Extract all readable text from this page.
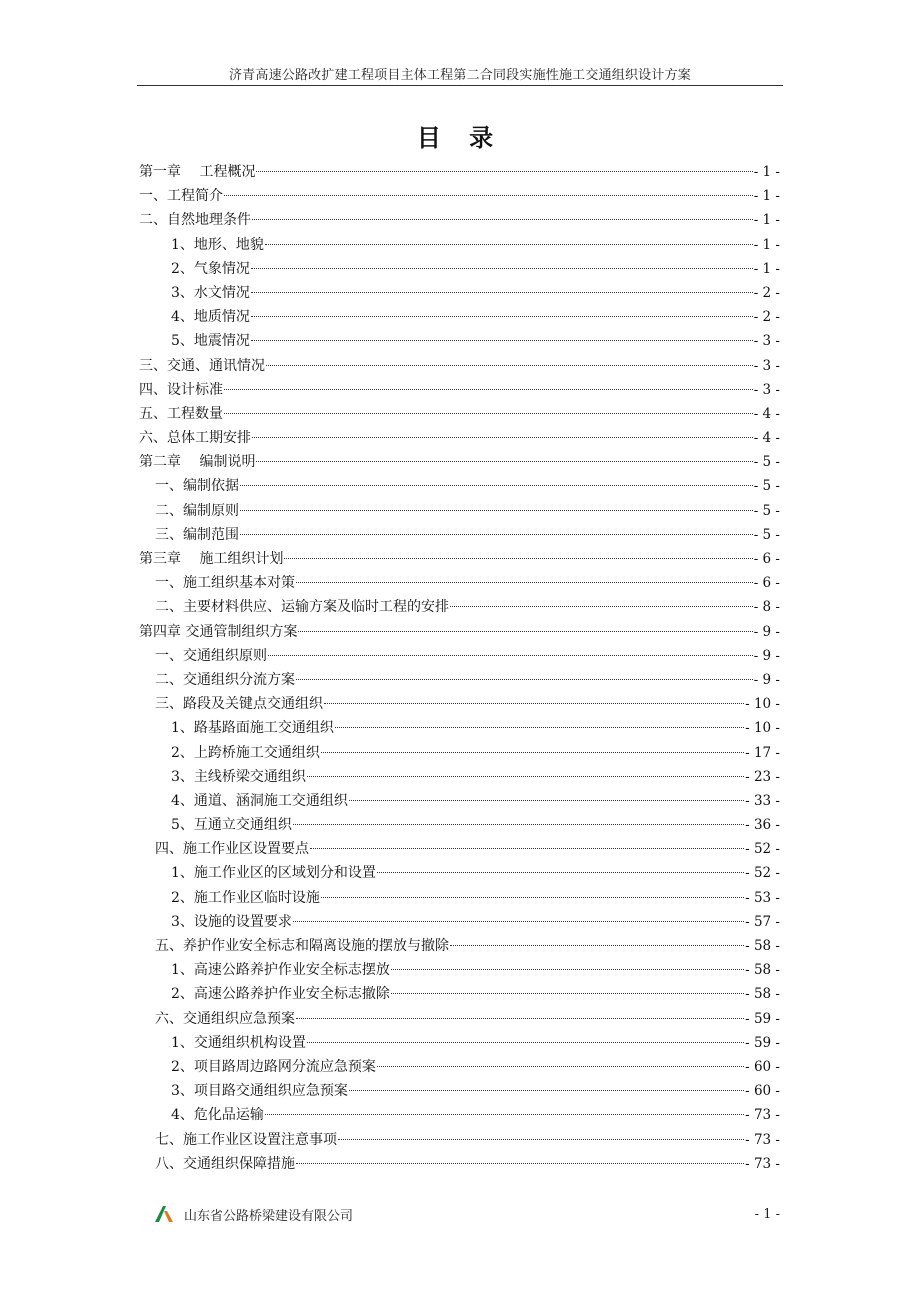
济青高速公路改扩建工程项目主体工程第二合同段实施性施工交通组织设计方案
目 录
第一章　 工程概况	- 1 -
一、工程简介	- 1 -
二、自然地理条件	- 1 -
1、地形、地貌	- 1 -
2、气象情况	- 1 -
3、水文情况	- 2 -
4、地质情况	- 2 -
5、地震情况	- 3 -
三、交通、通讯情况	- 3 -
四、设计标准	- 3 -
五、工程数量	- 4 -
六、总体工期安排	- 4 -
第二章　 编制说明	- 5 -
一、编制依据	- 5 -
二、编制原则	- 5 -
三、编制范围	- 5 -
第三章　 施工组织计划	- 6 -
一、施工组织基本对策	- 6 -
二、主要材料供应、运输方案及临时工程的安排	- 8 -
第四章 交通管制组织方案	- 9 -
一、交通组织原则	- 9 -
二、交通组织分流方案	- 9 -
三、路段及关键点交通组织	- 10 -
1、路基路面施工交通组织	- 10 -
2、上跨桥施工交通组织	- 17 -
3、主线桥梁交通组织	- 23 -
4、通道、涵洞施工交通组织	- 33 -
5、互通立交通组织	- 36 -
四、施工作业区设置要点	- 52 -
1、施工作业区的区域划分和设置	- 52 -
2、施工作业区临时设施	- 53 -
3、设施的设置要求	- 57 -
五、养护作业安全标志和隔离设施的摆放与撤除	- 58 -
1、高速公路养护作业安全标志摆放	- 58 -
2、高速公路养护作业安全标志撤除	- 58 -
六、交通组织应急预案	- 59 -
1、交通组织机构设置	- 59 -
2、项目路周边路网分流应急预案	- 60 -
3、项目路交通组织应急预案	- 60 -
4、危化品运输	- 73 -
七、施工作业区设置注意事项	- 73 -
八、交通组织保障措施	- 73 -
山东省公路桥梁建设有限公司	- 1 -
